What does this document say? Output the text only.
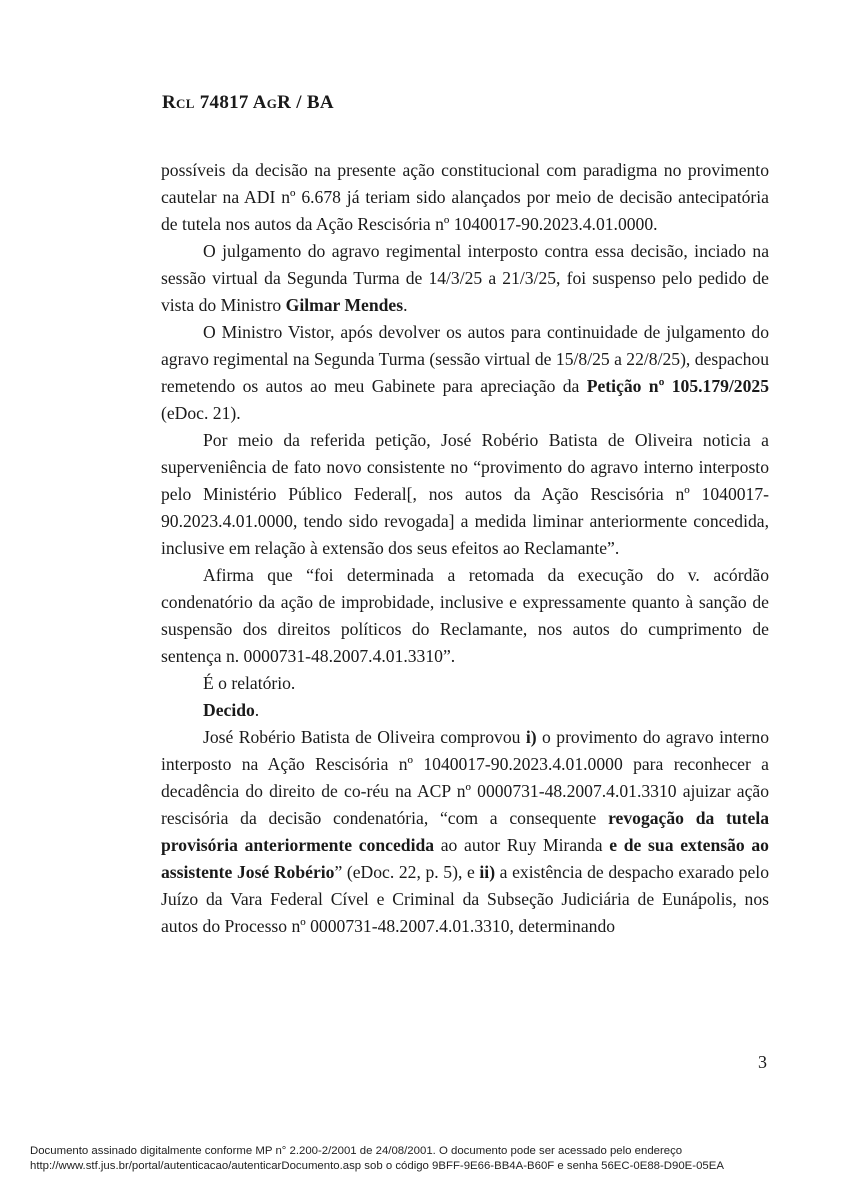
Rcl 74817 AgR / BA

possíveis da decisão na presente ação constitucional com paradigma no provimento cautelar na ADI nº 6.678 já teriam sido alançados por meio de decisão antecipatória de tutela nos autos da Ação Rescisória nº 1040017-90.2023.4.01.0000.

O julgamento do agravo regimental interposto contra essa decisão, inciado na sessão virtual da Segunda Turma de 14/3/25 a 21/3/25, foi suspenso pelo pedido de vista do Ministro Gilmar Mendes.

O Ministro Vistor, após devolver os autos para continuidade de julgamento do agravo regimental na Segunda Turma (sessão virtual de 15/8/25 a 22/8/25), despachou remetendo os autos ao meu Gabinete para apreciação da Petição nº 105.179/2025 (eDoc. 21).

Por meio da referida petição, José Robério Batista de Oliveira noticia a superveniência de fato novo consistente no “provimento do agravo interno interposto pelo Ministério Público Federal[, nos autos da Ação Rescisória nº 1040017-90.2023.4.01.0000, tendo sido revogada] a medida liminar anteriormente concedida, inclusive em relação à extensão dos seus efeitos ao Reclamante”.

Afirma que “foi determinada a retomada da execução do v. acórdão condenatório da ação de improbidade, inclusive e expressamente quanto à sanção de suspensão dos direitos políticos do Reclamante, nos autos do cumprimento de sentença n. 0000731-48.2007.4.01.3310”.

É o relatório.

Decido.

José Robério Batista de Oliveira comprovou i) o provimento do agravo interno interposto na Ação Rescisória nº 1040017-90.2023.4.01.0000 para reconhecer a decadência do direito de co-réu na ACP nº 0000731-48.2007.4.01.3310 ajuizar ação rescisória da decisão condenatória, “com a consequente revogação da tutela provisória anteriormente concedida ao autor Ruy Miranda e de sua extensão ao assistente José Robério” (eDoc. 22, p. 5), e ii) a existência de despacho exarado pelo Juízo da Vara Federal Cível e Criminal da Subseção Judiciária de Eunápolis, nos autos do Processo nº 0000731-48.2007.4.01.3310, determinando

3
Documento assinado digitalmente conforme MP n° 2.200-2/2001 de 24/08/2001. O documento pode ser acessado pelo endereço
http://www.stf.jus.br/portal/autenticacao/autenticarDocumento.asp sob o código 9BFF-9E66-BB4A-B60F e senha 56EC-0E88-D90E-05EA
